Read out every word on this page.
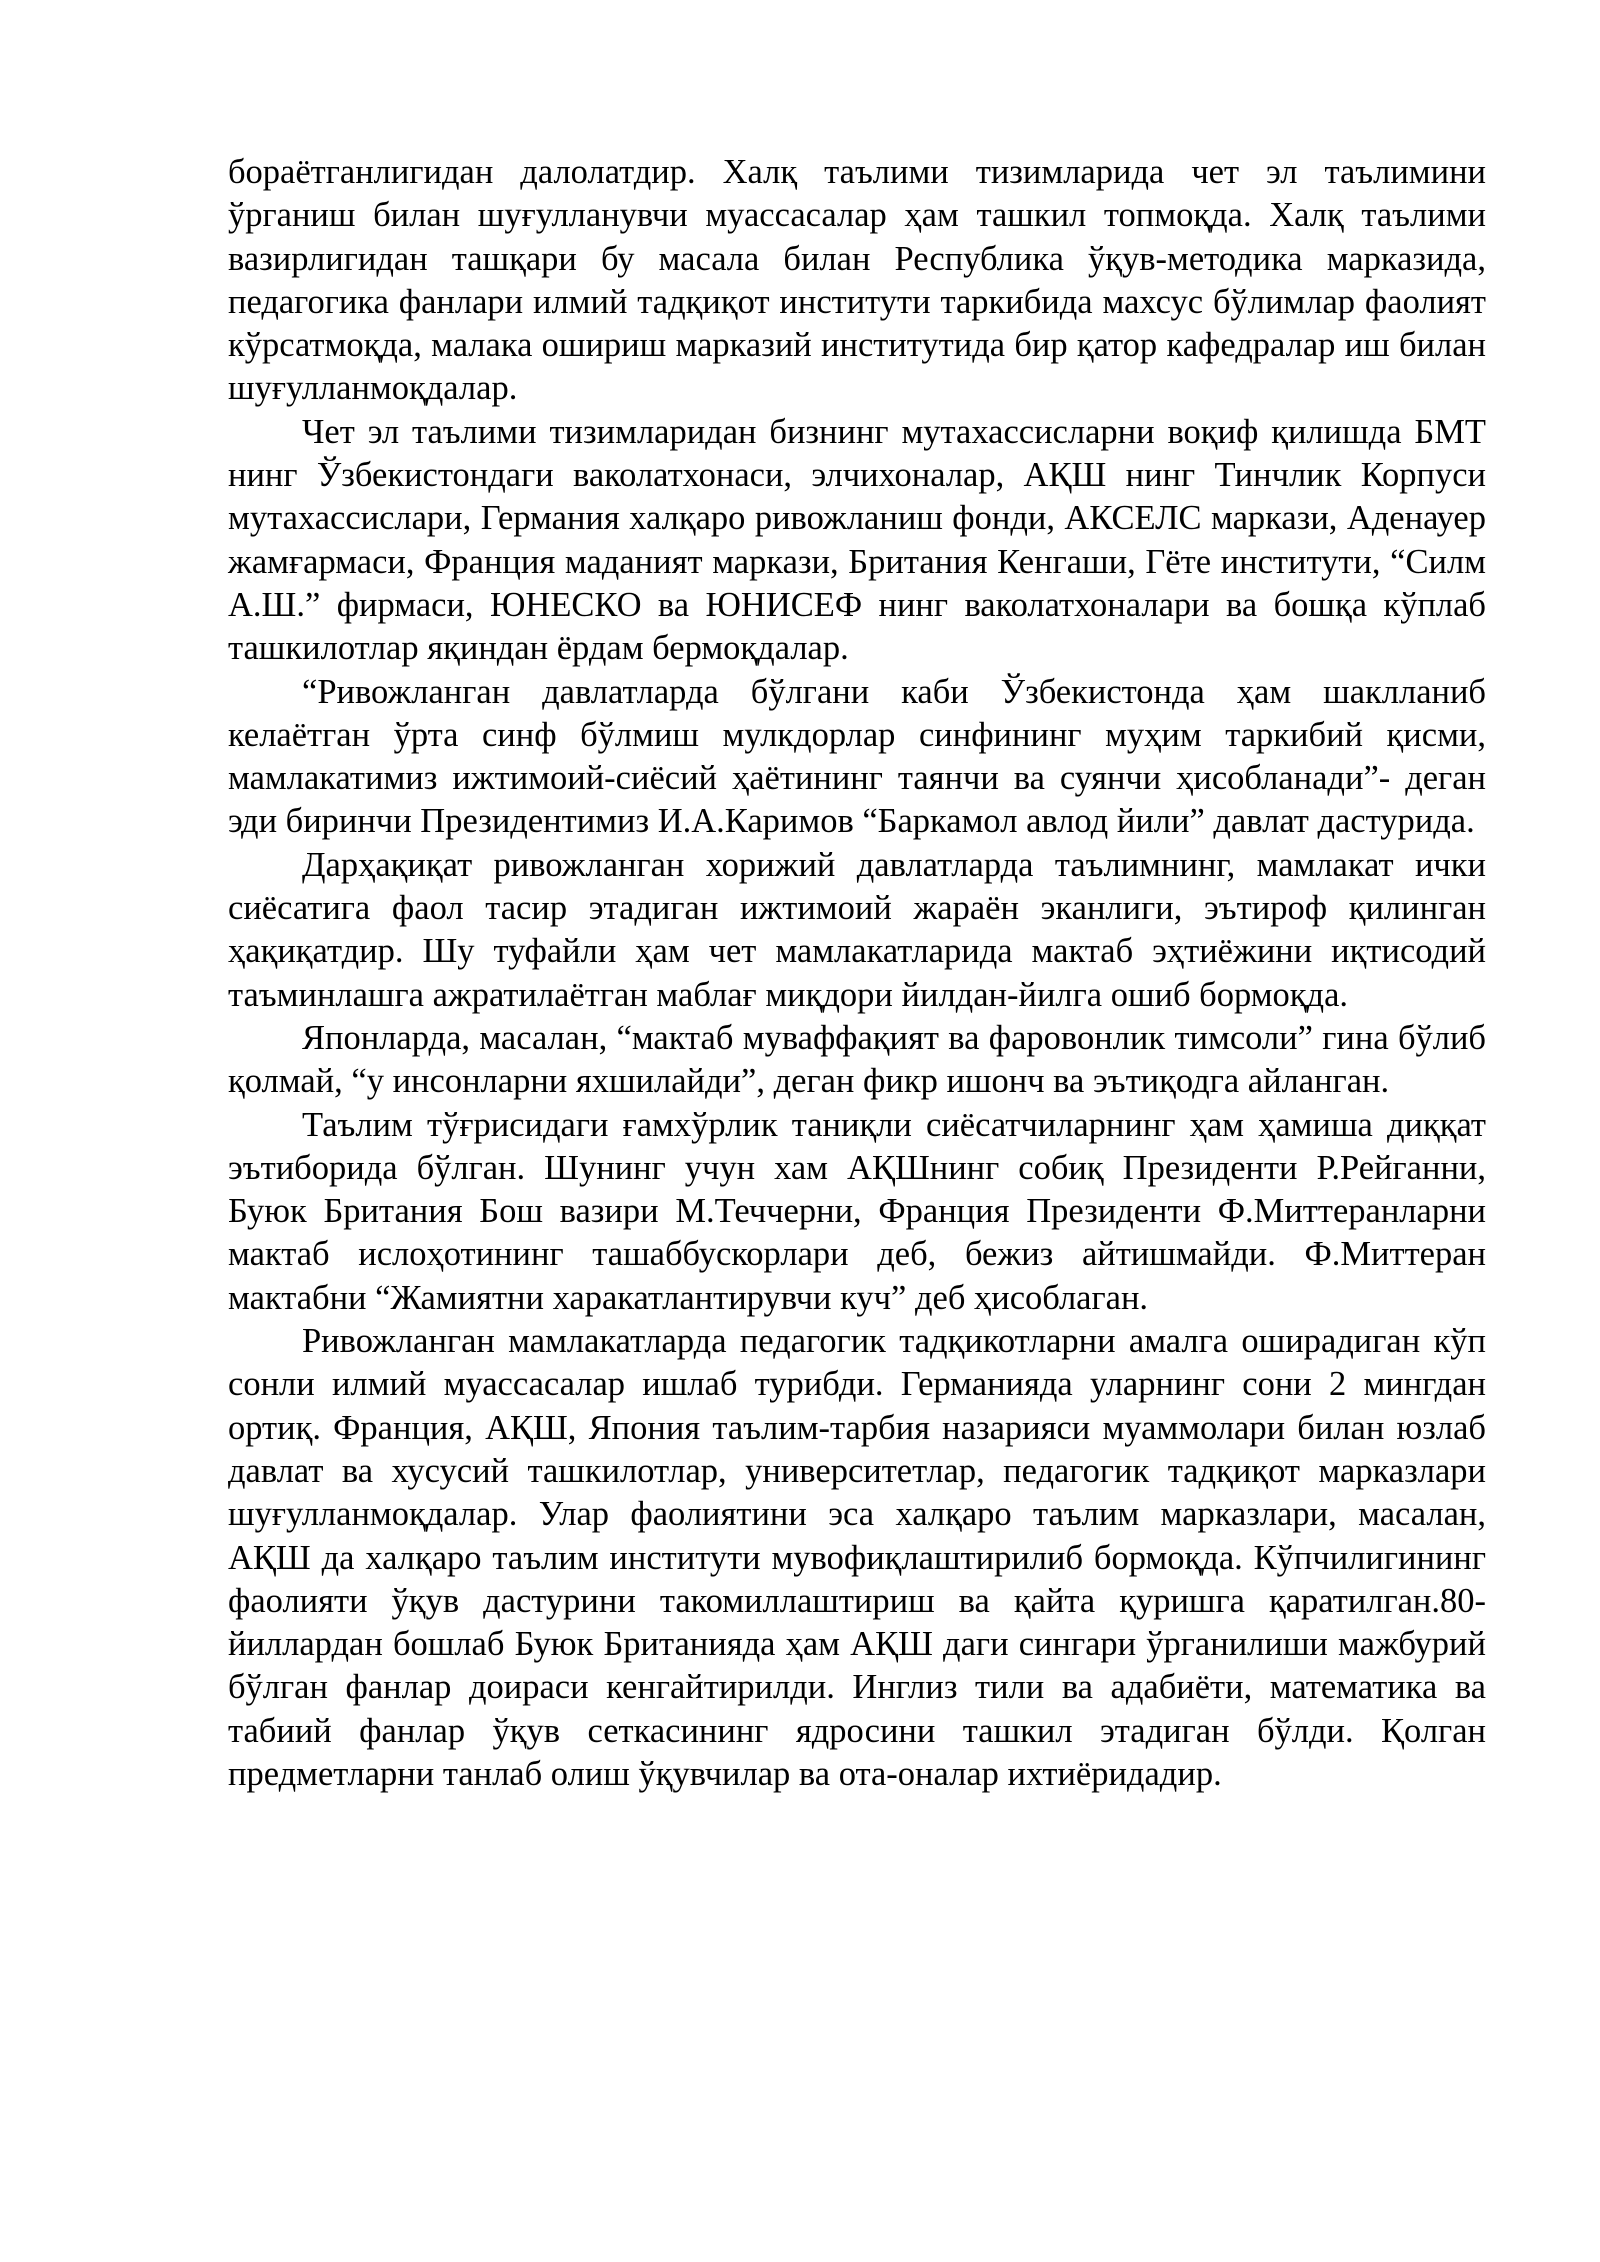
бораётганлигидан далолатдир. Халқ таълими тизимларида чет эл таълимини ўрганиш билан шуғулланувчи муассасалар ҳам ташкил топмоқда. Халқ таълими вазирлигидан ташқари бу масала билан Республика ўқув-методика марказида, педагогика фанлари илмий тадқиқот институти таркибида махсус бўлимлар фаолият кўрсатмоқда, малака ошириш марказий институтида бир қатор кафедралар иш билан шуғулланмоқдалар.

Чет эл таълими тизимларидан бизнинг мутахассисларни воқиф қилишда БМТ нинг Ўзбекистондаги ваколатхонаси, элчихоналар, АҚШ нинг Тинчлик Корпуси мутахассислари, Германия халқаро ривожланиш фонди, АКСЕЛС маркази, Аденауер жамғармаси, Франция маданият маркази, Британия Кенгаши, Гёте институти, “Силм А.Ш.” фирмаси, ЮНЕСКО ва ЮНИСЕФ нинг ваколатхоналари ва бошқа кўплаб ташкилотлар яқиндан ёрдам бермоқдалар.

“Ривожланган давлатларда бўлгани каби Ўзбекистонда ҳам шаклланиб келаётган ўрта синф бўлмиш мулкдорлар синфининг муҳим таркибий қисми, мамлакатимиз ижтимоий-сиёсий ҳаётининг таянчи ва суянчи ҳисобланади”- деган эди биринчи Президентимиз И.А.Каримов “Баркамол авлод йили” давлат дастурида.

Дарҳақиқат ривожланган хорижий давлатларда таълимнинг, мамлакат ички сиёсатига фаол тасир этадиган ижтимоий жараён эканлиги, эътироф қилинган ҳақиқатдир. Шу туфайли ҳам чет мамлакатларида мактаб эҳтиёжини иқтисодий таъминлашга ажратилаётган маблағ миқдори йилдан-йилга ошиб бормоқда.

Японларда, масалан, “мактаб муваффақият ва фаровонлик тимсоли” гина бўлиб қолмай, “у инсонларни яхшилайди”, деган фикр ишонч ва эътиқодга айланган.

Таълим тўғрисидаги ғамхўрлик таниқли сиёсатчиларнинг ҳам ҳамиша диққат эътиборида бўлган. Шунинг учун хам АҚШнинг собиқ Президенти Р.Рейганни, Буюк Британия Бош вазири М.Теччерни, Франция Президенти Ф.Миттеранларни мактаб ислоҳотининг ташаббускорлари деб, бежиз айтишмайди. Ф.Миттеран мактабни “Жамиятни харакатлантирувчи куч” деб ҳисоблаган.

Ривожланган мамлакатларда педагогик тадқикотларни амалга оширадиган кўп сонли илмий муассасалар ишлаб турибди. Германияда уларнинг сони 2 мингдан ортиқ. Франция, АҚШ, Япония таълим-тарбия назарияси муаммолари билан юзлаб давлат ва хусусий ташкилотлар, университетлар, педагогик тадқиқот марказлари шуғулланмоқдалар. Улар фаолиятини эса халқаро таълим марказлари, масалан, АҚШ да халқаро таълим институти мувофиқлаштирилиб бормоқда. Кўпчилигининг фаолияти ўқув дастурини такомиллаштириш ва қайта қуришга қаратилган.80-йиллардан бошлаб Буюк Британияда ҳам АҚШ даги сингари ўрганилиши мажбурий бўлган фанлар доираси кенгайтирилди. Инглиз тили ва адабиёти, математика ва табиий фанлар ўқув сеткасининг ядросини ташкил этадиган бўлди. Қолган предметларни танлаб олиш ўқувчилар ва ота-оналар ихтиёридадир.
